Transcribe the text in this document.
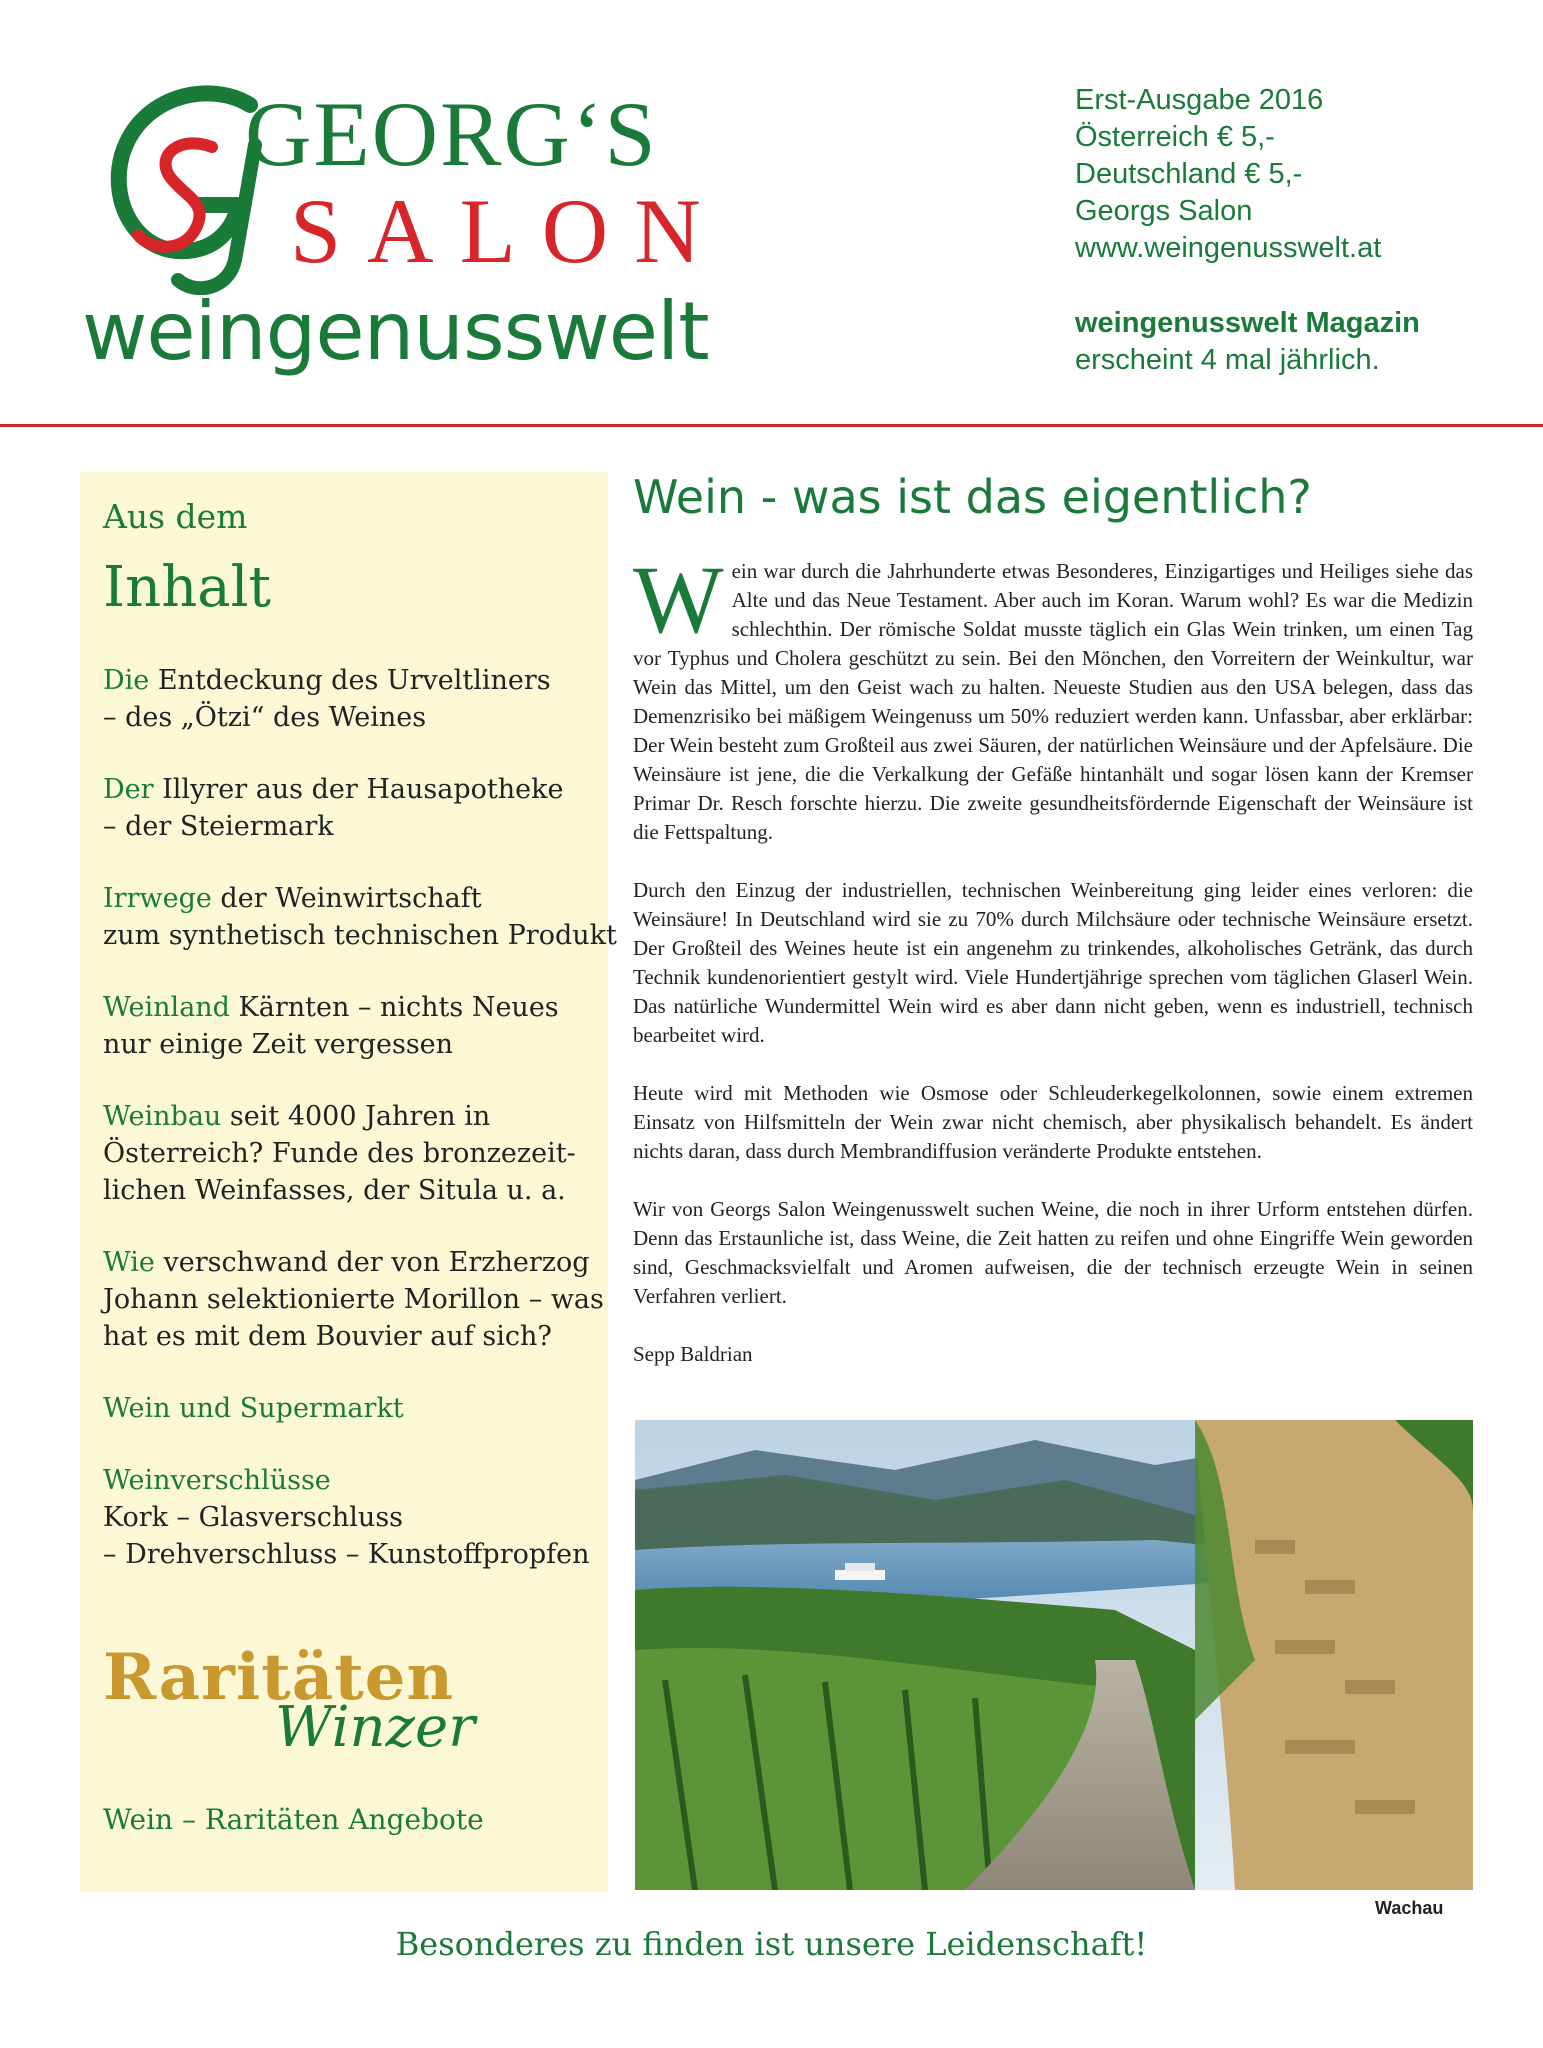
GEORG‘S
SALON
weingenusswelt
Erst-Ausgabe 2016
Österreich € 5,-
Deutschland € 5,-
Georgs Salon
www.weingenusswelt.at
weingenusswelt Magazin
erscheint 4 mal jährlich.
Aus dem
Inhalt
Die Entdeckung des Urveltliners
– des „Ötzi“ des Weines
Der Illyrer aus der Hausapotheke
– der Steiermark
Irrwege der Weinwirtschaft
zum synthetisch technischen Produkt
Weinland Kärnten – nichts Neues
nur einige Zeit vergessen
Weinbau seit 4000 Jahren in
Österreich? Funde des bronzezeit-
lichen Weinfasses, der Situla u. a.
Wie verschwand der von Erzherzog
Johann selektionierte Morillon – was
hat es mit dem Bouvier auf sich?
Wein und Supermarkt
Weinverschlüsse
Kork – Glasverschluss
– Drehverschluss – Kunstoffpropfen
Raritäten
Winzer
Wein – Raritäten Angebote
Wein - was ist das eigentlich?

Wein war durch die Jahrhunderte etwas Besonderes, Einzigartiges und Heiliges siehe das Alte und das Neue Testament. Aber auch im Koran. Warum wohl? Es war die Medizin schlechthin. Der römische Soldat musste täglich ein Glas Wein trinken, um einen Tag vor Typhus und Cholera geschützt zu sein. Bei den Mönchen, den Vorreitern der Weinkultur, war Wein das Mittel, um den Geist wach zu halten. Neueste Studien aus den USA belegen, dass das Demenzrisiko bei mäßigem Weingenuss um 50% reduziert werden kann. Unfassbar, aber erklärbar: Der Wein besteht zum Großteil aus zwei Säuren, der natürlichen Weinsäure und der Apfelsäure. Die Weinsäure ist jene, die die Verkalkung der Gefäße hintanhält und sogar lösen kann der Kremser Primar Dr. Resch forschte hierzu. Die zweite gesundheitsfördernde Eigenschaft der Weinsäure ist die Fettspaltung.

Durch den Einzug der industriellen, technischen Weinbereitung ging leider eines verloren: die Weinsäure! In Deutschland wird sie zu 70% durch Milchsäure oder technische Weinsäure ersetzt. Der Großteil des Weines heute ist ein angenehm zu trinkendes, alkoholisches Getränk, das durch Technik kundenorientiert gestylt wird. Viele Hundertjährige sprechen vom täglichen Glaserl Wein. Das natürliche Wundermittel Wein wird es aber dann nicht geben, wenn es industriell, technisch bearbeitet wird.

Heute wird mit Methoden wie Osmose oder Schleuderkegelkolonnen, sowie einem extremen Einsatz von Hilfsmitteln der Wein zwar nicht chemisch, aber physikalisch behandelt. Es ändert nichts daran, dass durch Membrandiffusion veränderte Produkte entstehen.

Wir von Georgs Salon Weingenusswelt suchen Weine, die noch in ihrer Urform entstehen dürfen. Denn das Erstaunliche ist, dass Weine, die Zeit hatten zu reifen und ohne Eingriffe Wein geworden sind, Geschmacksvielfalt und Aromen aufweisen, die der technisch erzeugte Wein in seinen Verfahren verliert.

Sepp Baldrian

Wachau
Besonderes zu finden ist unsere Leidenschaft!
